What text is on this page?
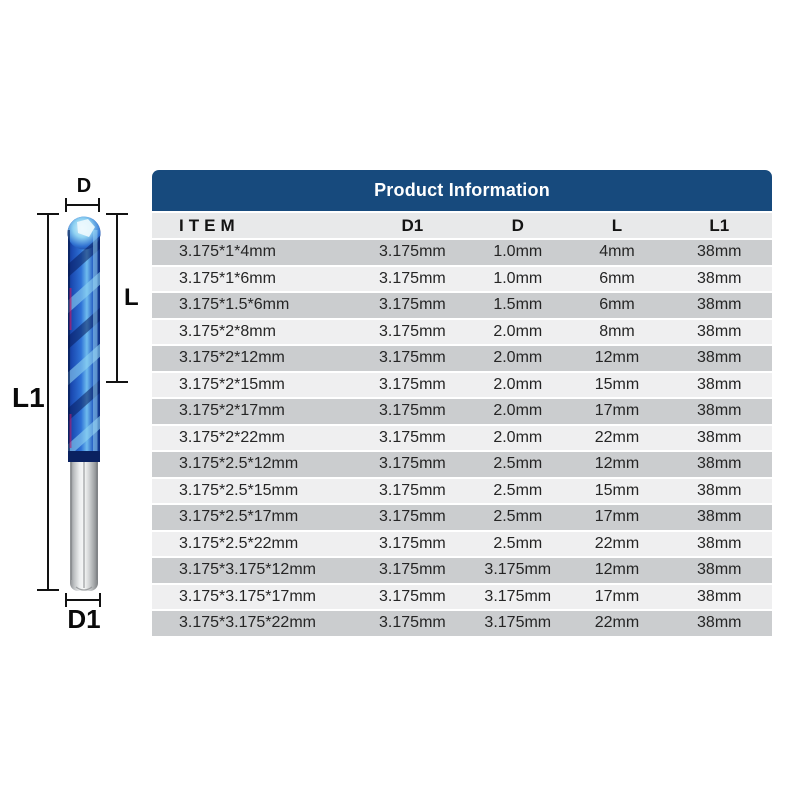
D
L
L1
D1
Product Information
ITEM	D1	D	L	L1
3.175*1*4mm	3.175mm	1.0mm	4mm	38mm
3.175*1*6mm	3.175mm	1.0mm	6mm	38mm
3.175*1.5*6mm	3.175mm	1.5mm	6mm	38mm
3.175*2*8mm	3.175mm	2.0mm	8mm	38mm
3.175*2*12mm	3.175mm	2.0mm	12mm	38mm
3.175*2*15mm	3.175mm	2.0mm	15mm	38mm
3.175*2*17mm	3.175mm	2.0mm	17mm	38mm
3.175*2*22mm	3.175mm	2.0mm	22mm	38mm
3.175*2.5*12mm	3.175mm	2.5mm	12mm	38mm
3.175*2.5*15mm	3.175mm	2.5mm	15mm	38mm
3.175*2.5*17mm	3.175mm	2.5mm	17mm	38mm
3.175*2.5*22mm	3.175mm	2.5mm	22mm	38mm
3.175*3.175*12mm	3.175mm	3.175mm	12mm	38mm
3.175*3.175*17mm	3.175mm	3.175mm	17mm	38mm
3.175*3.175*22mm	3.175mm	3.175mm	22mm	38mm
